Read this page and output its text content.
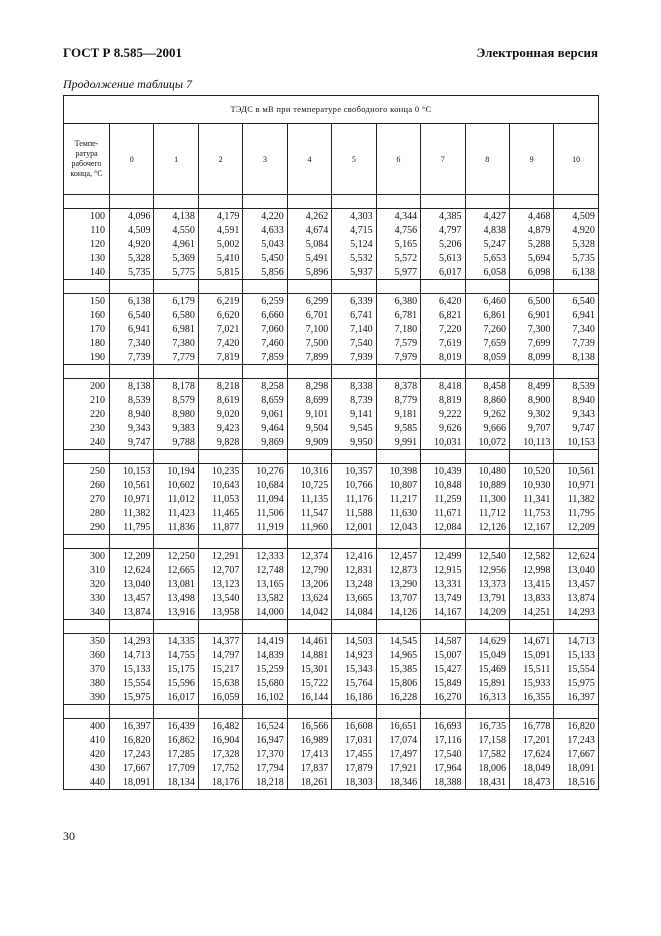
ГОСТ Р 8.585—2001	Электронная версия
Продолжение таблицы 7
ТЭДС в мВ при температуре свободного конца 0 °С											
Темпе-ратура рабочего конца, °С	0	1	2	3	4	5	6	7	8	9	10

100	4,096	4,138	4,179	4,220	4,262	4,303	4,344	4,385	4,427	4,468	4,509
110	4,509	4,550	4,591	4,633	4,674	4,715	4,756	4,797	4,838	4,879	4,920
120	4,920	4,961	5,002	5,043	5,084	5,124	5,165	5,206	5,247	5,288	5,328
130	5,328	5,369	5,410	5,450	5,491	5,532	5,572	5,613	5,653	5,694	5,735
140	5,735	5,775	5,815	5,856	5,896	5,937	5,977	6,017	6,058	6,098	6,138

150	6,138	6,179	6,219	6,259	6,299	6,339	6,380	6,420	6,460	6,500	6,540
160	6,540	6,580	6,620	6,660	6,701	6,741	6,781	6,821	6,861	6,901	6,941
170	6,941	6,981	7,021	7,060	7,100	7,140	7,180	7,220	7,260	7,300	7,340
180	7,340	7,380	7,420	7,460	7,500	7,540	7,579	7,619	7,659	7,699	7,739
190	7,739	7,779	7,819	7,859	7,899	7,939	7,979	8,019	8,059	8,099	8,138

200	8,138	8,178	8,218	8,258	8,298	8,338	8,378	8,418	8,458	8,499	8,539
210	8,539	8,579	8,619	8,659	8,699	8,739	8,779	8,819	8,860	8,900	8,940
220	8,940	8,980	9,020	9,061	9,101	9,141	9,181	9,222	9,262	9,302	9,343
230	9,343	9,383	9,423	9,464	9,504	9,545	9,585	9,626	9,666	9,707	9,747
240	9,747	9,788	9,828	9,869	9,909	9,950	9,991	10,031	10,072	10,113	10,153

250	10,153	10,194	10,235	10,276	10,316	10,357	10,398	10,439	10,480	10,520	10,561
260	10,561	10,602	10,643	10,684	10,725	10,766	10,807	10,848	10,889	10,930	10,971
270	10,971	11,012	11,053	11,094	11,135	11,176	11,217	11,259	11,300	11,341	11,382
280	11,382	11,423	11,465	11,506	11,547	11,588	11,630	11,671	11,712	11,753	11,795
290	11,795	11,836	11,877	11,919	11,960	12,001	12,043	12,084	12,126	12,167	12,209

300	12,209	12,250	12,291	12,333	12,374	12,416	12,457	12,499	12,540	12,582	12,624
310	12,624	12,665	12,707	12,748	12,790	12,831	12,873	12,915	12,956	12,998	13,040
320	13,040	13,081	13,123	13,165	13,206	13,248	13,290	13,331	13,373	13,415	13,457
330	13,457	13,498	13,540	13,582	13,624	13,665	13,707	13,749	13,791	13,833	13,874
340	13,874	13,916	13,958	14,000	14,042	14,084	14,126	14,167	14,209	14,251	14,293

350	14,293	14,335	14,377	14,419	14,461	14,503	14,545	14,587	14,629	14,671	14,713
360	14,713	14,755	14,797	14,839	14,881	14,923	14,965	15,007	15,049	15,091	15,133
370	15,133	15,175	15,217	15,259	15,301	15,343	15,385	15,427	15,469	15,511	15,554
380	15,554	15,596	15,638	15,680	15,722	15,764	15,806	15,849	15,891	15,933	15,975
390	15,975	16,017	16,059	16,102	16,144	16,186	16,228	16,270	16,313	16,355	16,397

400	16,397	16,439	16,482	16,524	16,566	16,608	16,651	16,693	16,735	16,778	16,820
410	16,820	16,862	16,904	16,947	16,989	17,031	17,074	17,116	17,158	17,201	17,243
420	17,243	17,285	17,328	17,370	17,413	17,455	17,497	17,540	17,582	17,624	17,667
430	17,667	17,709	17,752	17,794	17,837	17,879	17,921	17,964	18,006	18,049	18,091
440	18,091	18,134	18,176	18,218	18,261	18,303	18,346	18,388	18,431	18,473	18,516
30
